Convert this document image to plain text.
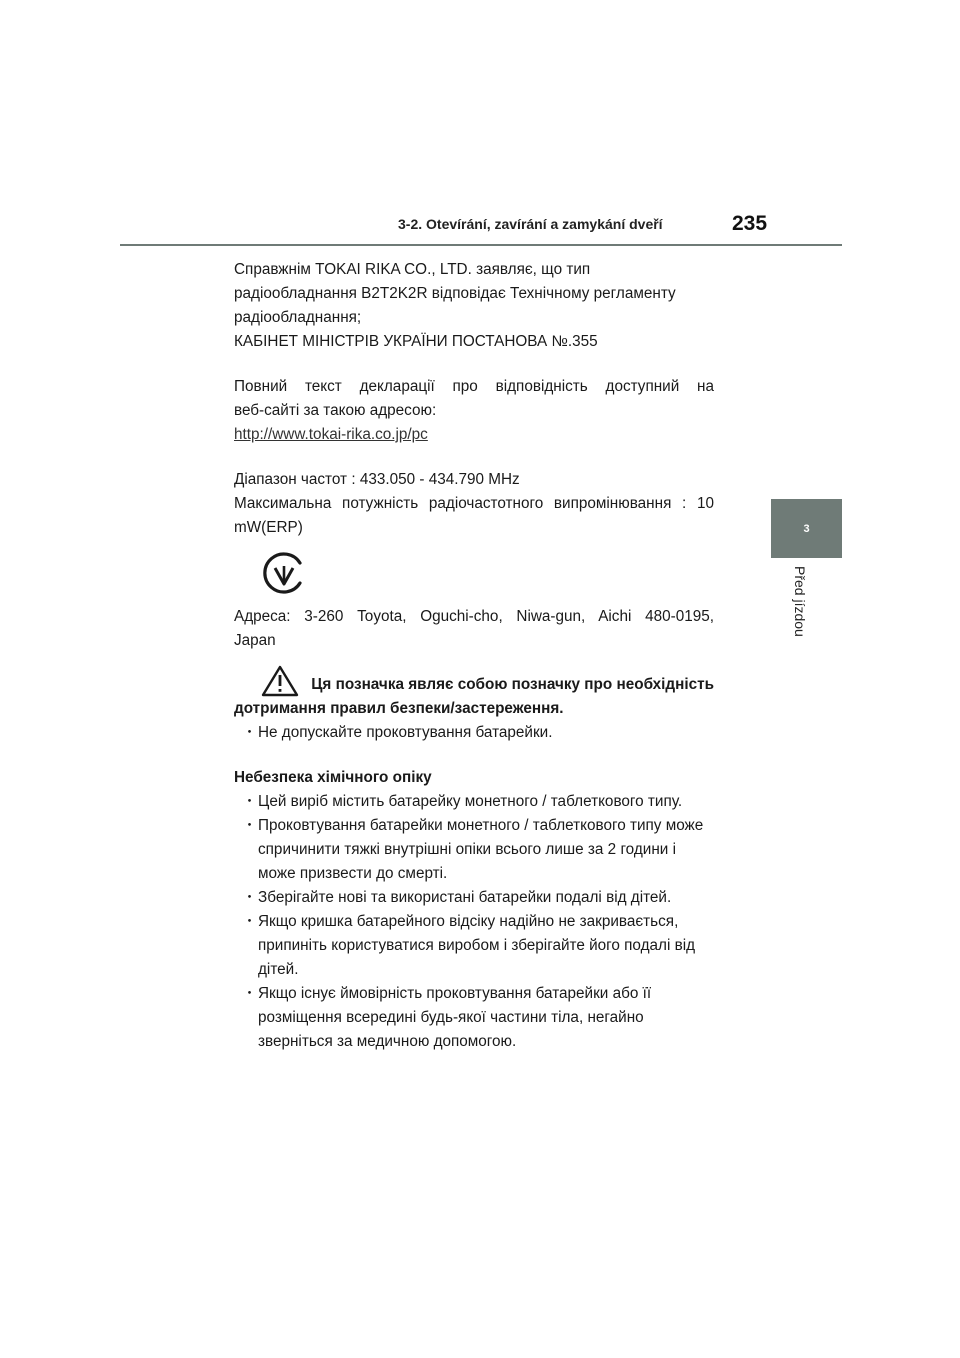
3-2. Otevírání, zavírání a zamykání dveří	235
3
Před jízdou

Справжнім TOKAI RIKA CO., LTD. заявляє, що тип

радіообладнання B2T2K2R відповідає Технічному регламенту

радіообладнання;

КАБІНЕТ МІНІСТРІВ УКРАЇНИ ПОСТАНОВА №.355

Повний текст декларації про відповідність доступний на

веб-сайті за такою адресою:

http://www.tokai-rika.co.jp/pc

Діапазон частот : 433.050 - 434.790 MHz

Максимальна потужність радіочастотного випромінювання : 10

mW(ERP)

Адреса: 3-260 Toyota, Oguchi-cho, Niwa-gun, Aichi 480-0195,

Japan

Ця позначка являє собою позначку про необхідність

дотримання правил безпеки/застереження.

・Не допускайте проковтування батарейки.

Небезпека хімічного опіку

・Цей виріб містить батарейку монетного / таблеткового типу.

・Проковтування батарейки монетного / таблеткового типу може спричинити тяжкі внутрішні опіки всього лише за 2 години і може призвести до смерті.

・Зберігайте нові та використані батарейки подалі від дітей.

・Якщо кришка батарейного відсіку надійно не закривається, припиніть користуватися виробом і зберігайте його подалі від дітей.

・Якщо існує ймовірність проковтування батарейки або її розміщення всередині будь-якої частини тіла, негайно зверніться за медичною допомогою.
